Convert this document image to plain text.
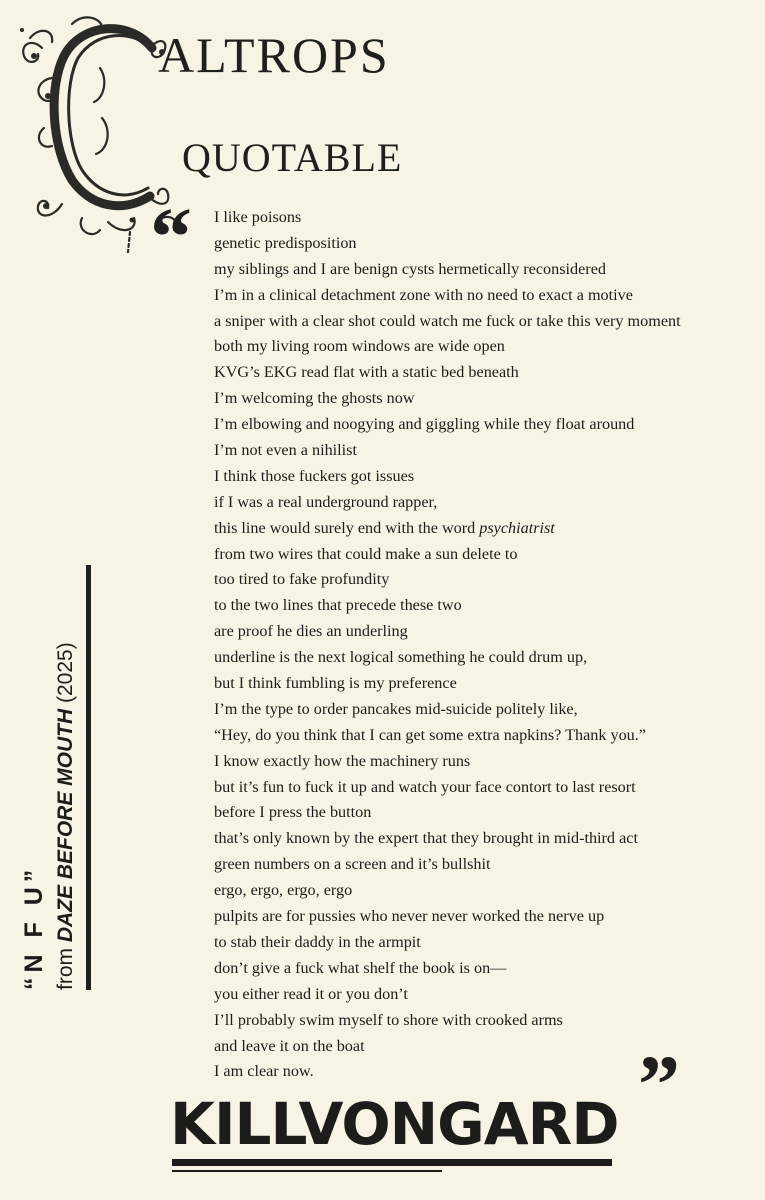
ALTROPS
QUOTABLE
“ I like poisons
genetic predisposition
my siblings and I are benign cysts hermetically reconsidered
I’m in a clinical detachment zone with no need to exact a motive
a sniper with a clear shot could watch me fuck or take this very moment
both my living room windows are wide open
KVG’s EKG read flat with a static bed beneath
I’m welcoming the ghosts now
I’m elbowing and noogying and giggling while they float around
I’m not even a nihilist
I think those fuckers got issues
if I was a real underground rapper,
this line would surely end with the word psychiatrist
from two wires that could make a sun delete to
too tired to fake profundity
to the two lines that precede these two
are proof he dies an underling
underline is the next logical something he could drum up,
but I think fumbling is my preference
I’m the type to order pancakes mid-suicide politely like,
“Hey, do you think that I can get some extra napkins? Thank you.”
I know exactly how the machinery runs
but it’s fun to fuck it up and watch your face contort to last resort
before I press the button
that’s only known by the expert that they brought in mid-third act
green numbers on a screen and it’s bullshit
ergo, ergo, ergo, ergo
pulpits are for pussies who never never worked the nerve up
to stab their daddy in the armpit
don’t give a fuck what shelf the book is on—
you either read it or you don’t
I’ll probably swim myself to shore with crooked arms
and leave it on the boat
I am clear now.	”
“N F U” from DAZE BEFORE MOUTH (2025)
KILLVONGARD
